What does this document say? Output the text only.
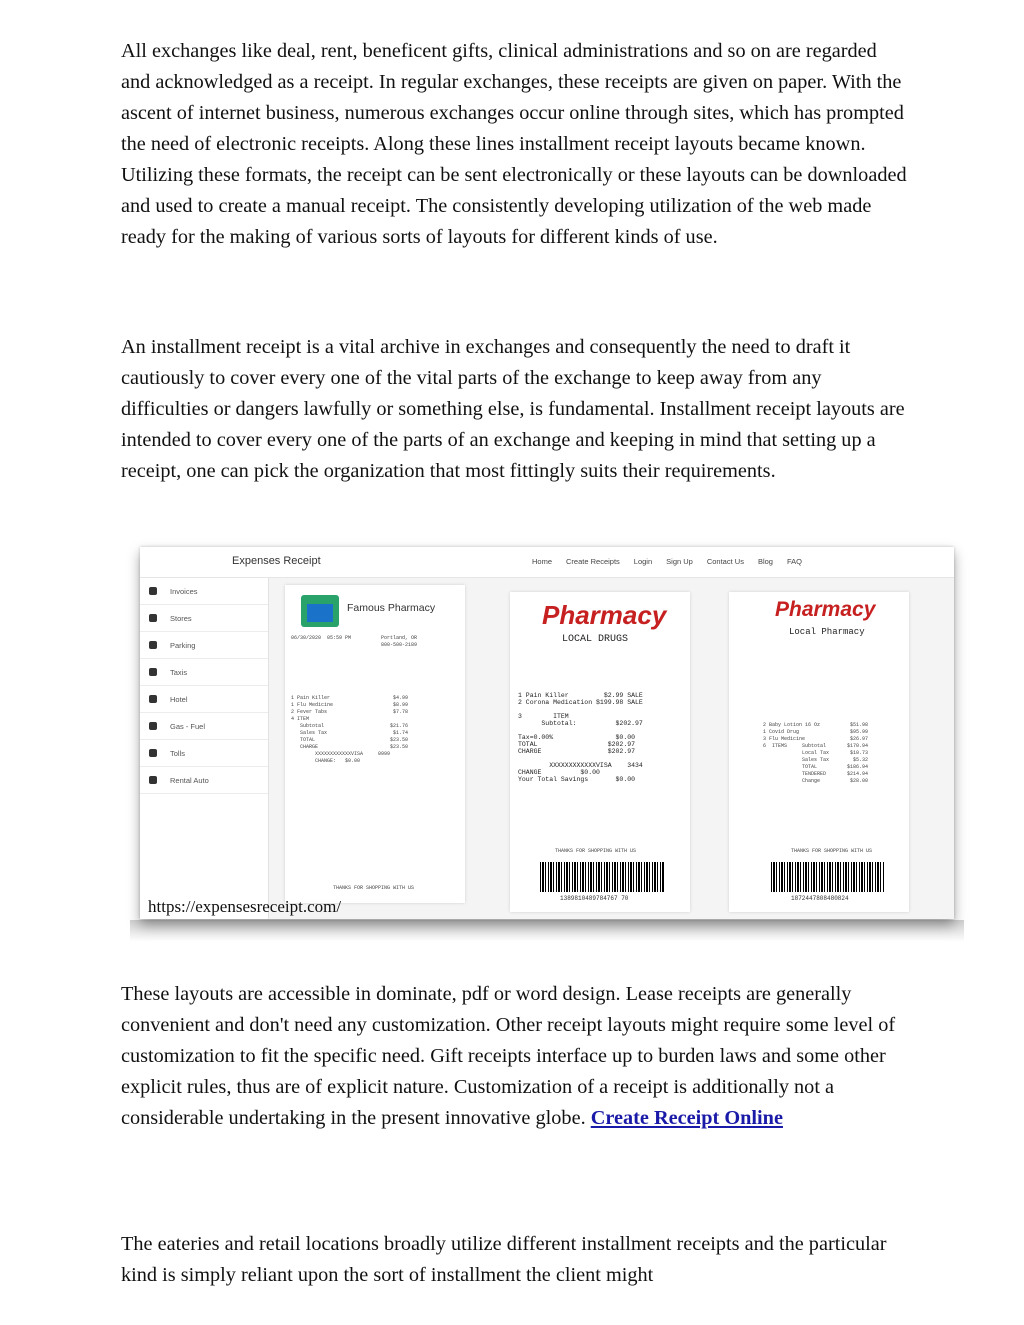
All exchanges like deal, rent, beneficent gifts, clinical administrations and so on are regarded and acknowledged as a receipt. In regular exchanges, these receipts are given on paper. With the ascent of internet business, numerous exchanges occur online through sites, which has prompted the need of electronic receipts. Along these lines installment receipt layouts became known. Utilizing these formats, the receipt can be sent electronically or these layouts can be downloaded and used to create a manual receipt. The consistently developing utilization of the web made ready for the making of various sorts of layouts for different kinds of use.

An installment receipt is a vital archive in exchanges and consequently the need to draft it cautiously to cover every one of the vital parts of the exchange to keep away from any difficulties or dangers lawfully or something else, is fundamental. Installment receipt layouts are intended to cover every one of the parts of an exchange and keeping in mind that setting up a receipt, one can pick the organization that most fittingly suits their requirements.

Expenses Receipt	Home Create Receipts Login Sign Up Contact Us Blog FAQ
Invoices
Stores
Parking
Taxis
Hotel
Gas - Fuel
Tolls
Rental Auto
Famous Pharmacy
06/30/2020  05:59 PM          Portland, OR
800-500-2189
1 Pain Killer                     $4.99
1 Flu Medicine                    $8.99
2 Fever Tabs                      $7.78
4 ITEM
Subtotal                      $21.76
Sales Tax                      $1.74
TOTAL                         $23.50
CHARGE                        $23.50
XXXXXXXXXXXXVISA     0999
CHANGE:   $0.00
THANKS FOR SHOPPING WITH US
Pharmacy
LOCAL DRUGS
1 Pain Killer         $2.99 SALE
2 Corona Medication $199.98 SALE

3        ITEM
Subtotal:          $202.97

Tax=0.00%                $0.00
TOTAL                  $202.97
CHARGE                 $202.97

XXXXXXXXXXXXVISA    3434
CHANGE          $0.00
Your Total Savings       $0.00
THANKS FOR SHOPPING WITH US
1389810489784767 70
Pharmacy
Local Pharmacy
2 Baby Lotion 16 Oz          $51.98
1 Covid Drug                 $95.99
3 Flu Medicine               $26.97
6  ITEMS     Subtotal       $170.94
Local Tax       $10.73
Sales Tax        $5.32
TOTAL          $186.94
TENDERED       $214.94
Change          $28.00
THANKS FOR SHOPPING WITH US
1872447808480824
https://expensesreceipt.com/

These layouts are accessible in dominate, pdf or word design. Lease receipts are generally convenient and don't need any customization. Other receipt layouts might require some level of customization to fit the specific need. Gift receipts interface up to burden laws and some other explicit rules, thus are of explicit nature. Customization of a receipt is additionally not a considerable undertaking in the present innovative globe. Create Receipt Online

The eateries and retail locations broadly utilize different installment receipts and the particular kind is simply reliant upon the sort of installment the client might
